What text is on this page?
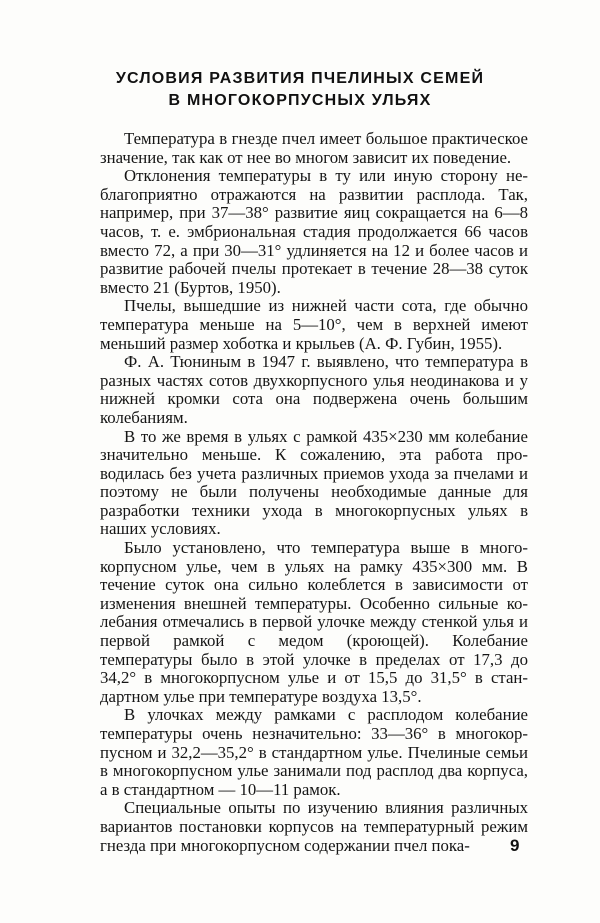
УСЛОВИЯ РАЗВИТИЯ ПЧЕЛИНЫХ СЕМЕЙ
В МНОГОКОРПУСНЫХ УЛЬЯХ

Температура в гнезде пчел имеет большое практическое значение, так как от нее во многом зависит их поведение.

Отклонения температуры в ту или иную сторону неблагоприятно отражаются на развитии расплода. Так, например, при 37—38° развитие яиц сокращается на 6—8 часов, т. е. эмбриональная стадия продолжается 66 часов вместо 72, а при 30—31° удлиняется на 12 и более часов и развитие рабочей пчелы протекает в течение 28—38 суток вместо 21 (Буртов, 1950).

Пчелы, вышедшие из нижней части сота, где обычно температура меньше на 5—10°, чем в верхней имеют меньший размер хоботка и крыльев (А. Ф. Губин, 1955).

Ф. А. Тюниным в 1947 г. выявлено, что температура в разных частях сотов двухкорпусного улья неодинакова и у нижней кромки сота она подвержена очень большим колебаниям.

В то же время в ульях с рамкой 435×230 мм колебание значительно меньше. К сожалению, эта работа проводилась без учета различных приемов ухода за пчелами и поэтому не были получены необходимые данные для разработки техники ухода в многокорпусных ульях в наших условиях.

Было установлено, что температура выше в многокорпусном улье, чем в ульях на рамку 435×300 мм. В течение суток она сильно колеблется в зависимости от изменения внешней температуры. Особенно сильные колебания отмечались в первой улочке между стенкой улья и первой рамкой с медом (кроющей). Колебание температуры было в этой улочке в пределах от 17,3 до 34,2° в многокорпусном улье и от 15,5 до 31,5° в стандартном улье при температуре воздуха 13,5°.

В улочках между рамками с расплодом колебание температуры очень незначительно: 33—36° в многокорпусном и 32,2—35,2° в стандартном улье. Пчелиные семьи в многокорпусном улье занимали под расплод два корпуса, а в стандартном — 10—11 рамок.

Специальные опыты по изучению влияния различных вариантов постановки корпусов на температурный режим гнезда при многокорпусном содержании пчел пока-	9
